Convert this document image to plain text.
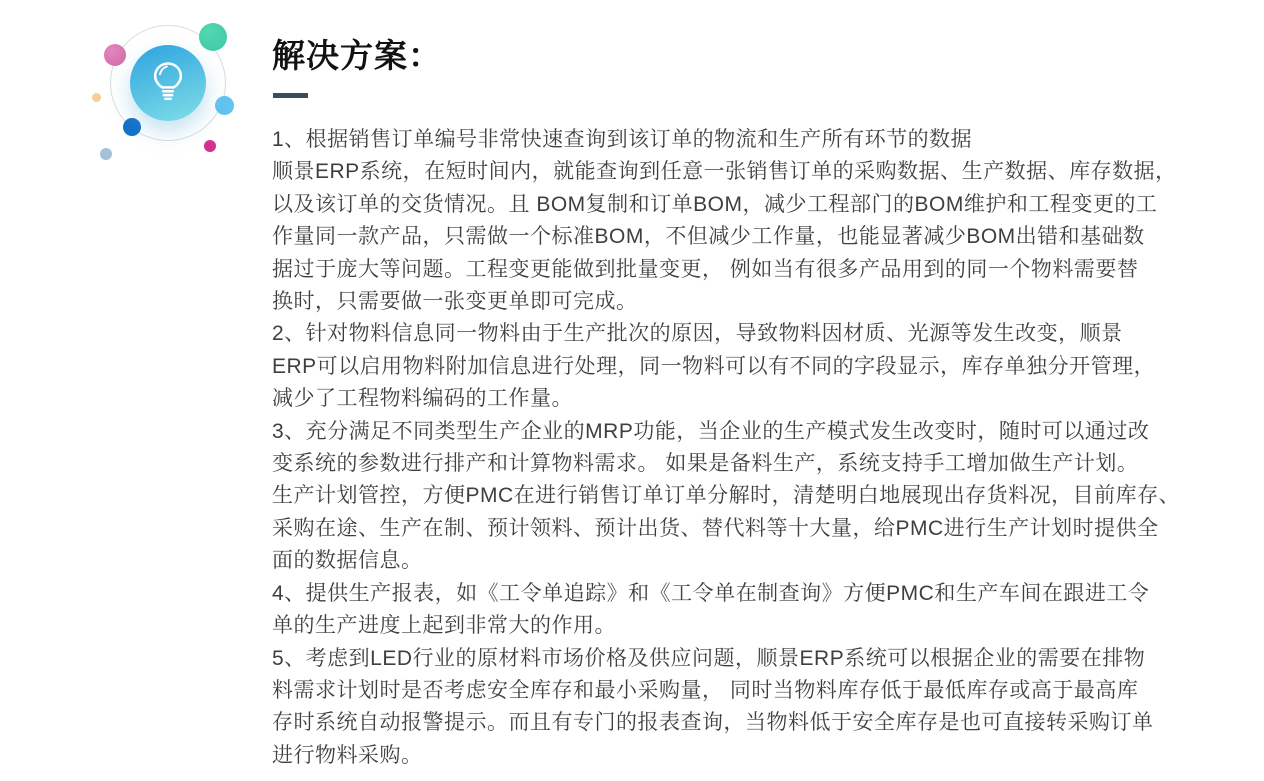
解决方案：
1、根据销售订单编号非常快速查询到该订单的物流和生产所有环节的数据
顺景ERP系统，在短时间内，就能查询到任意一张销售订单的采购数据、生产数据、库存数据，
以及该订单的交货情况。且 BOM复制和订单BOM，减少工程部门的BOM维护和工程变更的工
作量同一款产品，只需做一个标准BOM，不但减少工作量，也能显著减少BOM出错和基础数
据过于庞大等问题。工程变更能做到批量变更， 例如当有很多产品用到的同一个物料需要替
换时，只需要做一张变更单即可完成。
2、针对物料信息同一物料由于生产批次的原因，导致物料因材质、光源等发生改变，顺景
ERP可以启用物料附加信息进行处理，同一物料可以有不同的字段显示，库存单独分开管理，
减少了工程物料编码的工作量。
3、充分满足不同类型生产企业的MRP功能，当企业的生产模式发生改变时，随时可以通过改
变系统的参数进行排产和计算物料需求。 如果是备料生产，系统支持手工增加做生产计划。
生产计划管控，方便PMC在进行销售订单订单分解时，清楚明白地展现出存货料况，目前库存、
采购在途、生产在制、预计领料、预计出货、替代料等十大量，给PMC进行生产计划时提供全
面的数据信息。
4、提供生产报表，如《工令单追踪》和《工令单在制查询》方便PMC和生产车间在跟进工令
单的生产进度上起到非常大的作用。
5、考虑到LED行业的原材料市场价格及供应问题，顺景ERP系统可以根据企业的需要在排物
料需求计划时是否考虑安全库存和最小采购量， 同时当物料库存低于最低库存或高于最高库
存时系统自动报警提示。而且有专门的报表查询，当物料低于安全库存是也可直接转采购订单
进行物料采购。
